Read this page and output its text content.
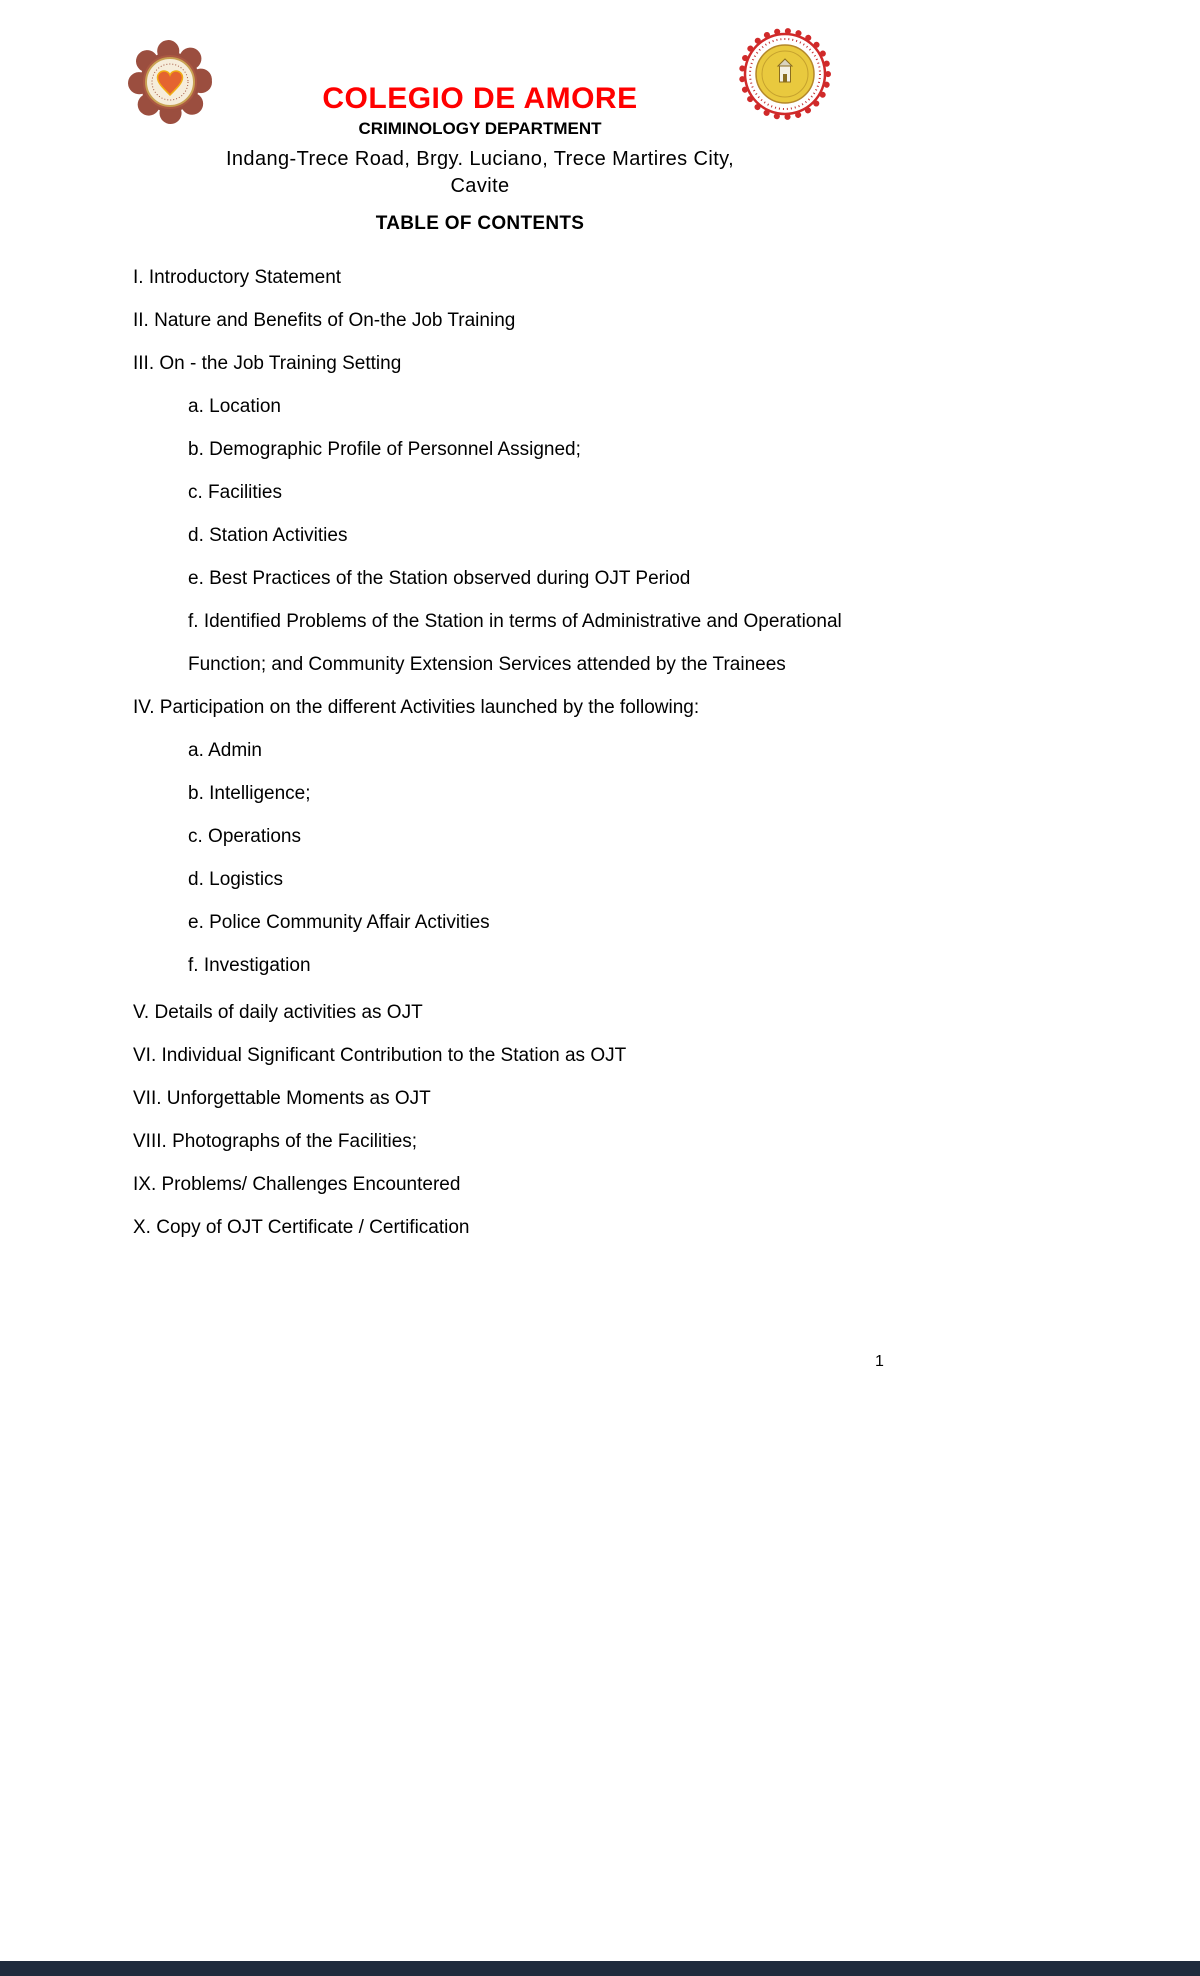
COLEGIO DE AMORE
CRIMINOLOGY DEPARTMENT
Indang-Trece Road, Brgy. Luciano, Trece Martires City,
Cavite
TABLE OF CONTENTS
I. Introductory Statement
II. Nature and Benefits of On-the Job Training
III. On - the Job Training Setting
a. Location
b. Demographic Profile of Personnel Assigned;
c. Facilities
d. Station Activities
e. Best Practices of the Station observed during OJT Period
f. Identified Problems of the Station in terms of Administrative and Operational
Function; and Community Extension Services attended by the Trainees
IV. Participation on the different Activities launched by the following:
a. Admin
b. Intelligence;
c. Operations
d. Logistics
e. Police Community Affair Activities
f. Investigation
V. Details of daily activities as OJT
VI. Individual Significant Contribution to the Station as OJT
VII. Unforgettable Moments as OJT
VIII. Photographs of the Facilities;
IX. Problems/ Challenges Encountered
X. Copy of OJT Certificate / Certification
1
